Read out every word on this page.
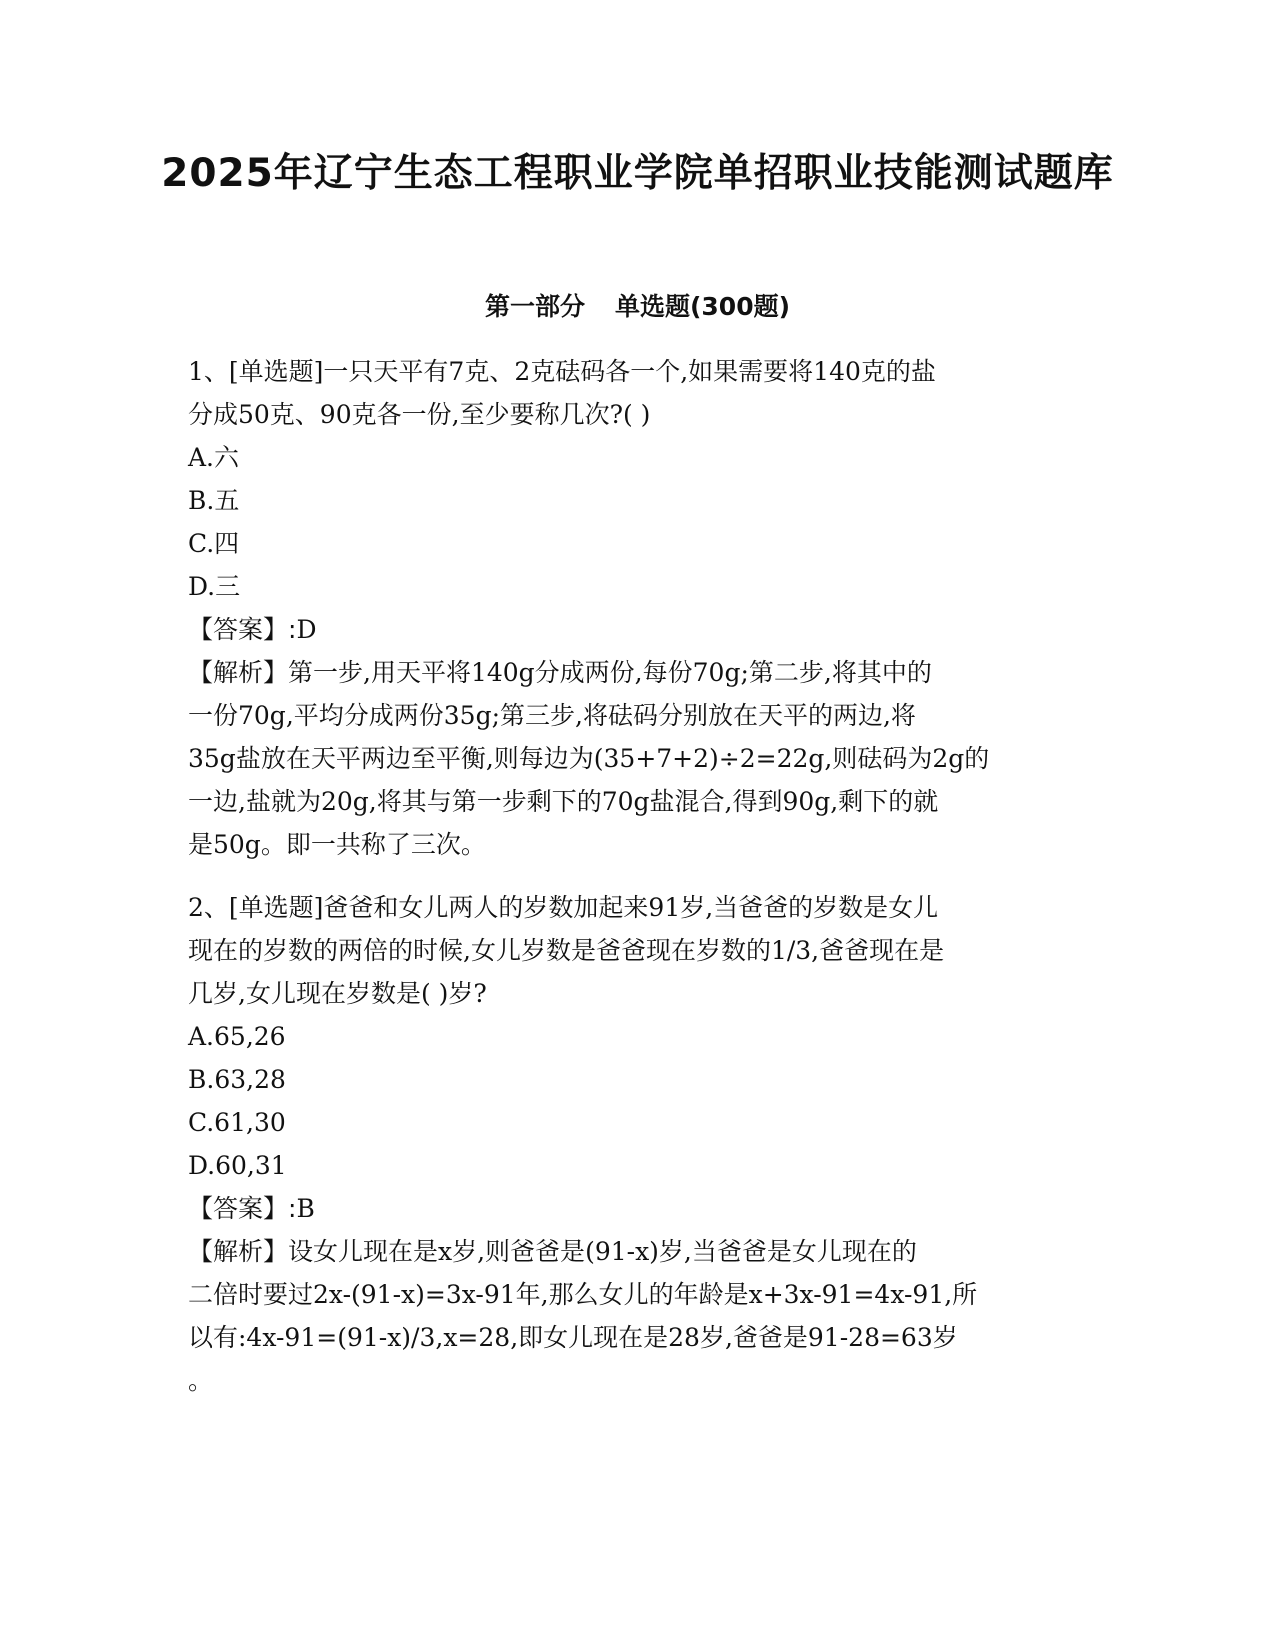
2025年辽宁生态工程职业学院单招职业技能测试题库
第一部分 单选题(300题)
1、[单选题]一只天平有7克、2克砝码各一个,如果需要将140克的盐
分成50克、90克各一份,至少要称几次?( )
A.六
B.五
C.四
D.三
【答案】:D
【解析】第一步,用天平将140g分成两份,每份70g;第二步,将其中的
一份70g,平均分成两份35g;第三步,将砝码分别放在天平的两边,将
35g盐放在天平两边至平衡,则每边为(35+7+2)÷2=22g,则砝码为2g的
一边,盐就为20g,将其与第一步剩下的70g盐混合,得到90g,剩下的就
是50g。即一共称了三次。
2、[单选题]爸爸和女儿两人的岁数加起来91岁,当爸爸的岁数是女儿
现在的岁数的两倍的时候,女儿岁数是爸爸现在岁数的1/3,爸爸现在是
几岁,女儿现在岁数是( )岁?
A.65,26
B.63,28
C.61,30
D.60,31
【答案】:B
【解析】设女儿现在是x岁,则爸爸是(91-x)岁,当爸爸是女儿现在的
二倍时要过2x-(91-x)=3x-91年,那么女儿的年龄是x+3x-91=4x-91,所
以有:4x-91=(91-x)/3,x=28,即女儿现在是28岁,爸爸是91-28=63岁
。
